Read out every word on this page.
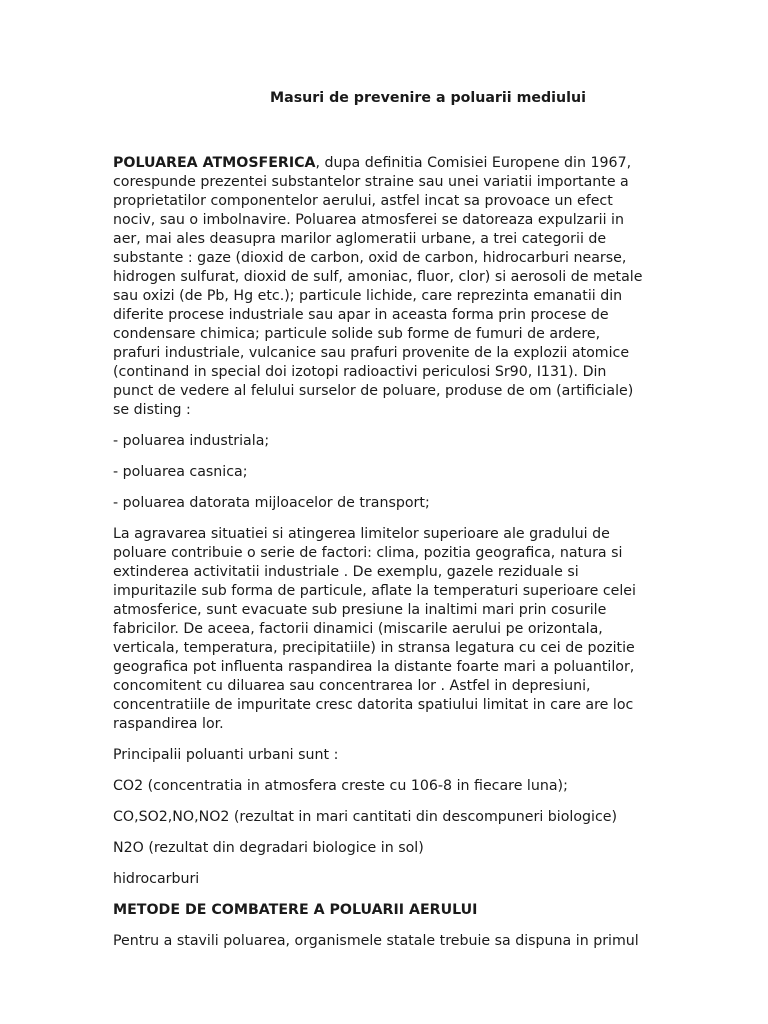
Masuri de prevenire a poluarii mediului

POLUAREA ATMOSFERICA, dupa definitia Comisiei Europene din 1967, corespunde prezentei substantelor straine sau unei variatii importante a proprietatilor componentelor aerului, astfel incat sa provoace un efect nociv, sau o imbolnavire. Poluarea atmosferei se datoreaza expulzarii in aer, mai ales deasupra marilor aglomeratii urbane, a trei categorii de substante : gaze (dioxid de carbon, oxid de carbon, hidrocarburi nearse, hidrogen sulfurat, dioxid de sulf, amoniac, fluor, clor) si aerosoli de metale sau oxizi (de Pb, Hg etc.); particule lichide, care reprezinta emanatii din diferite procese industriale sau apar in aceasta forma prin procese de condensare chimica; particule solide sub forme de fumuri de ardere, prafuri industriale, vulcanice sau prafuri provenite de la explozii atomice (continand in special doi izotopi radioactivi periculosi Sr90, I131). Din punct de vedere al felului surselor de poluare, produse de om (artificiale) se disting :

- poluarea industriala;

- poluarea casnica;

- poluarea datorata mijloacelor de transport;

La agravarea situatiei si atingerea limitelor superioare ale gradului de poluare contribuie o serie de factori: clima, pozitia geografica, natura si extinderea activitatii industriale . De exemplu, gazele reziduale si impuritazile sub forma de particule, aflate la temperaturi superioare celei atmosferice, sunt evacuate sub presiune la inaltimi mari prin cosurile fabricilor. De aceea, factorii dinamici (miscarile aerului pe orizontala, verticala, temperatura, precipitatiile) in stransa legatura cu cei de pozitie geografica pot influenta raspandirea la distante foarte mari a poluantilor, concomitent cu diluarea sau concentrarea lor . Astfel in depresiuni, concentratiile de impuritate cresc datorita spatiului limitat in care are loc raspandirea lor.

Principalii poluanti urbani sunt :

CO2 (concentratia in atmosfera creste cu 106-8 in fiecare luna);

CO,SO2,NO,NO2 (rezultat in mari cantitati din descompuneri biologice)

N2O (rezultat din degradari biologice in sol)

hidrocarburi

METODE DE COMBATERE A POLUARII AERULUI

Pentru a stavili poluarea, organismele statale trebuie sa dispuna in primul
